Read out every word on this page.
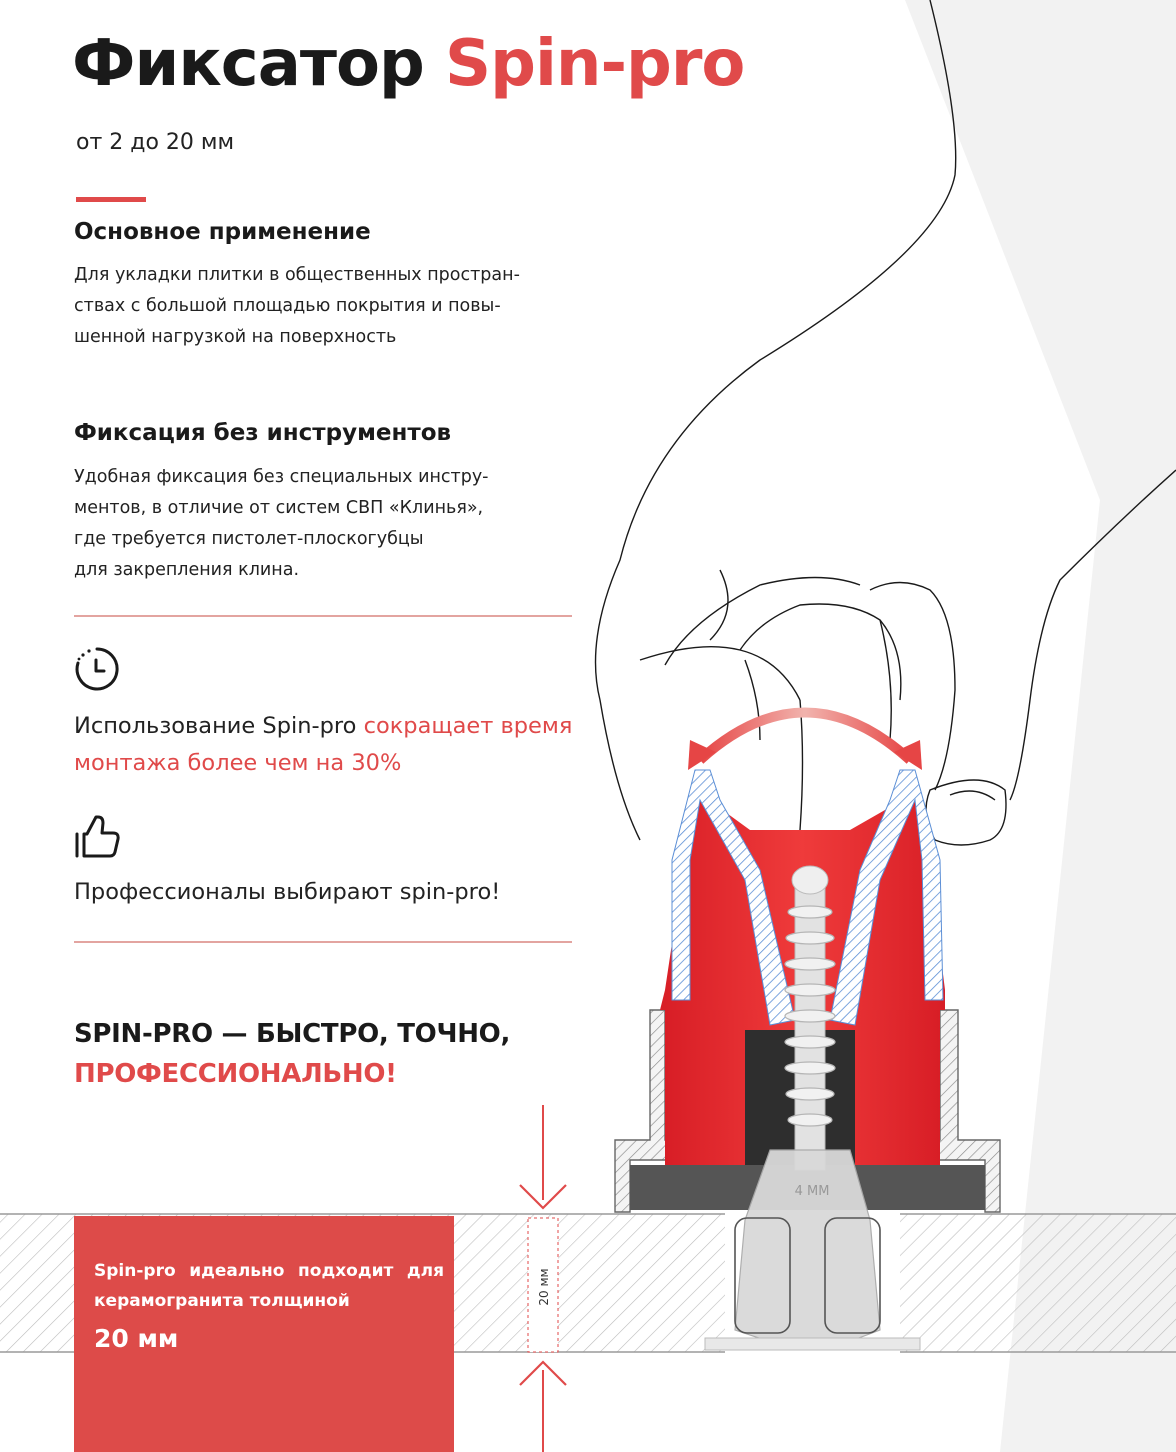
Фиксатор Spin-pro
от 2 до 20 мм
Основное применение
Для укладки плитки в общественных простран-
ствах с большой площадью покрытия и повы-
шенной нагрузкой на поверхность
Фиксация без инструментов
Удобная фиксация без специальных инстру-
ментов, в отличие от систем СВП «Клинья»,
где требуется пистолет-плоскогубцы
для закрепления клина.
Использование Spin-pro сокращает время монтажа более чем на 30%
Профессионалы выбирают spin-pro!
SPIN-PRO — БЫСТРО, ТОЧНО,
ПРОФЕССИОНАЛЬНО!
4 MM
20 мм
Spin-pro идеально подходит для керамогранита толщиной
20 мм
